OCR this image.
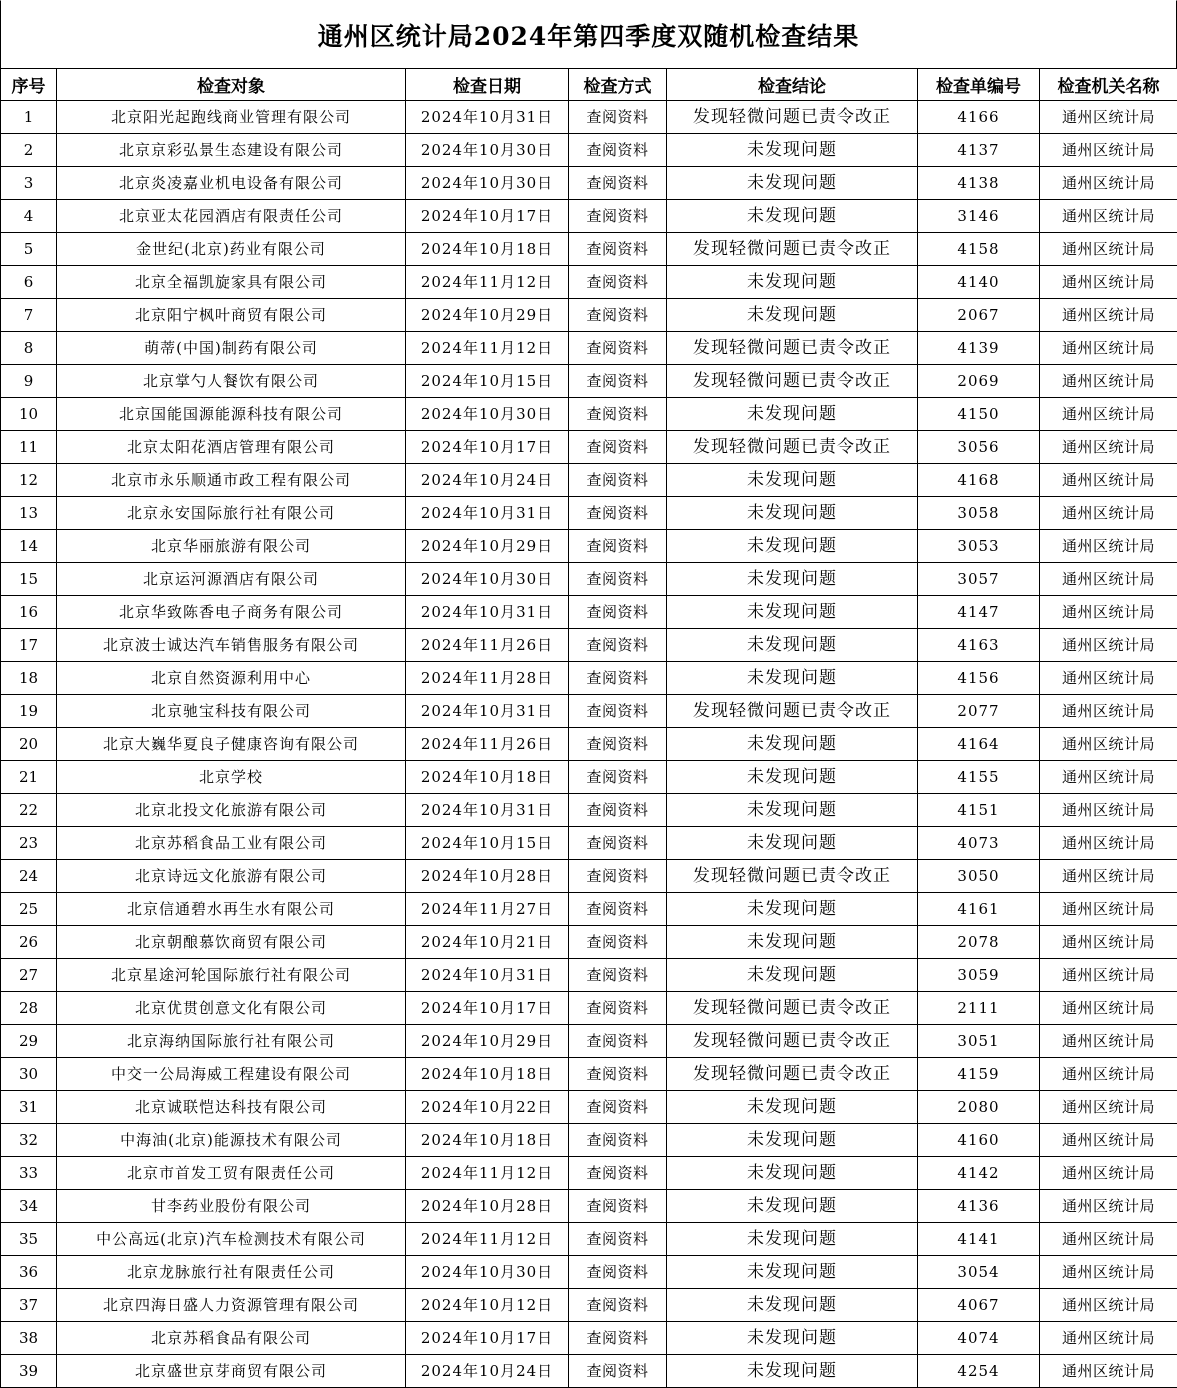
通州区统计局2024年第四季度双随机检查结果
序号	检查对象	检查日期	检查方式	检查结论	检查单编号	检查机关名称
1	北京阳光起跑线商业管理有限公司	2024年10月31日	查阅资料	发现轻微问题已责令改正	4166	通州区统计局
2	北京京彩弘景生态建设有限公司	2024年10月30日	查阅资料	未发现问题	4137	通州区统计局
3	北京炎凌嘉业机电设备有限公司	2024年10月30日	查阅资料	未发现问题	4138	通州区统计局
4	北京亚太花园酒店有限责任公司	2024年10月17日	查阅资料	未发现问题	3146	通州区统计局
5	金世纪(北京)药业有限公司	2024年10月18日	查阅资料	发现轻微问题已责令改正	4158	通州区统计局
6	北京全福凯旋家具有限公司	2024年11月12日	查阅资料	未发现问题	4140	通州区统计局
7	北京阳宁枫叶商贸有限公司	2024年10月29日	查阅资料	未发现问题	2067	通州区统计局
8	萌蒂(中国)制药有限公司	2024年11月12日	查阅资料	发现轻微问题已责令改正	4139	通州区统计局
9	北京掌勺人餐饮有限公司	2024年10月15日	查阅资料	发现轻微问题已责令改正	2069	通州区统计局
10	北京国能国源能源科技有限公司	2024年10月30日	查阅资料	未发现问题	4150	通州区统计局
11	北京太阳花酒店管理有限公司	2024年10月17日	查阅资料	发现轻微问题已责令改正	3056	通州区统计局
12	北京市永乐顺通市政工程有限公司	2024年10月24日	查阅资料	未发现问题	4168	通州区统计局
13	北京永安国际旅行社有限公司	2024年10月31日	查阅资料	未发现问题	3058	通州区统计局
14	北京华丽旅游有限公司	2024年10月29日	查阅资料	未发现问题	3053	通州区统计局
15	北京运河源酒店有限公司	2024年10月30日	查阅资料	未发现问题	3057	通州区统计局
16	北京华致陈香电子商务有限公司	2024年10月31日	查阅资料	未发现问题	4147	通州区统计局
17	北京波士诚达汽车销售服务有限公司	2024年11月26日	查阅资料	未发现问题	4163	通州区统计局
18	北京自然资源利用中心	2024年11月28日	查阅资料	未发现问题	4156	通州区统计局
19	北京驰宝科技有限公司	2024年10月31日	查阅资料	发现轻微问题已责令改正	2077	通州区统计局
20	北京大巍华夏良子健康咨询有限公司	2024年11月26日	查阅资料	未发现问题	4164	通州区统计局
21	北京学校	2024年10月18日	查阅资料	未发现问题	4155	通州区统计局
22	北京北投文化旅游有限公司	2024年10月31日	查阅资料	未发现问题	4151	通州区统计局
23	北京苏稻食品工业有限公司	2024年10月15日	查阅资料	未发现问题	4073	通州区统计局
24	北京诗远文化旅游有限公司	2024年10月28日	查阅资料	发现轻微问题已责令改正	3050	通州区统计局
25	北京信通碧水再生水有限公司	2024年11月27日	查阅资料	未发现问题	4161	通州区统计局
26	北京朝酿慕饮商贸有限公司	2024年10月21日	查阅资料	未发现问题	2078	通州区统计局
27	北京星途河轮国际旅行社有限公司	2024年10月31日	查阅资料	未发现问题	3059	通州区统计局
28	北京优贯创意文化有限公司	2024年10月17日	查阅资料	发现轻微问题已责令改正	2111	通州区统计局
29	北京海纳国际旅行社有限公司	2024年10月29日	查阅资料	发现轻微问题已责令改正	3051	通州区统计局
30	中交一公局海威工程建设有限公司	2024年10月18日	查阅资料	发现轻微问题已责令改正	4159	通州区统计局
31	北京诚联恺达科技有限公司	2024年10月22日	查阅资料	未发现问题	2080	通州区统计局
32	中海油(北京)能源技术有限公司	2024年10月18日	查阅资料	未发现问题	4160	通州区统计局
33	北京市首发工贸有限责任公司	2024年11月12日	查阅资料	未发现问题	4142	通州区统计局
34	甘李药业股份有限公司	2024年10月28日	查阅资料	未发现问题	4136	通州区统计局
35	中公高远(北京)汽车检测技术有限公司	2024年11月12日	查阅资料	未发现问题	4141	通州区统计局
36	北京龙脉旅行社有限责任公司	2024年10月30日	查阅资料	未发现问题	3054	通州区统计局
37	北京四海日盛人力资源管理有限公司	2024年10月12日	查阅资料	未发现问题	4067	通州区统计局
38	北京苏稻食品有限公司	2024年10月17日	查阅资料	未发现问题	4074	通州区统计局
39	北京盛世京芽商贸有限公司	2024年10月24日	查阅资料	未发现问题	4254	通州区统计局
